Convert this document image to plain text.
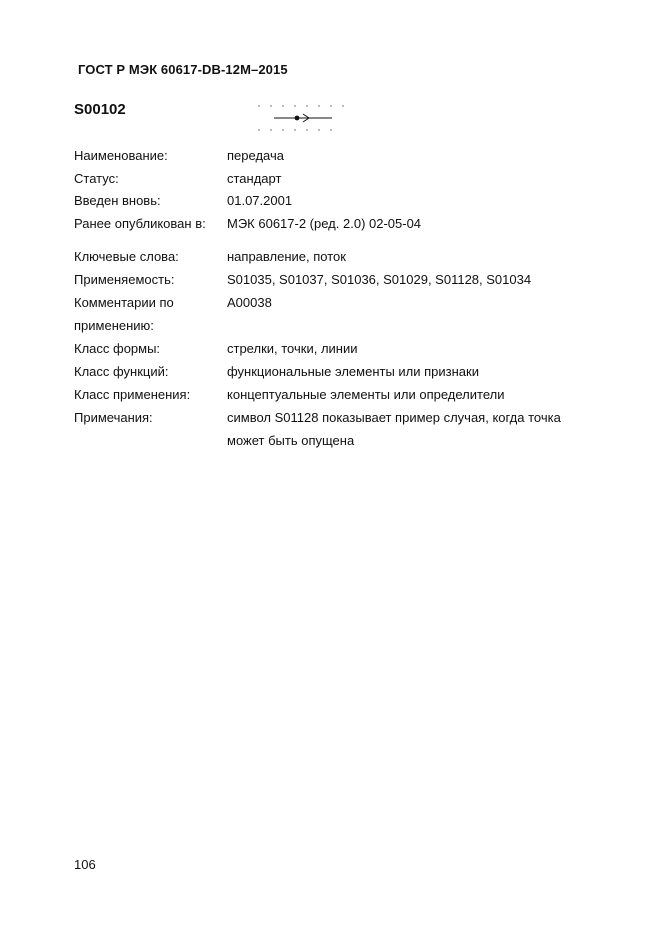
ГОСТ Р МЭК 60617-DB-12M–2015
S00102
Наименование:	передача
Статус:	стандарт
Введен вновь:	01.07.2001
Ранее опубликован в: МЭК 60617-2 (ред. 2.0) 02-05-04
Ключевые слова:	направление, поток
Применяемость:	S01035, S01037, S01036, S01029, S01128, S01034
Комментарии по	A00038
применению:
Класс формы:	стрелки, точки, линии
Класс функций:	функциональные элементы или признаки
Класс применения:	концептуальные элементы или определители
Примечания:	символ S01128 показывает пример случая, когда точка
может быть опущена
106
